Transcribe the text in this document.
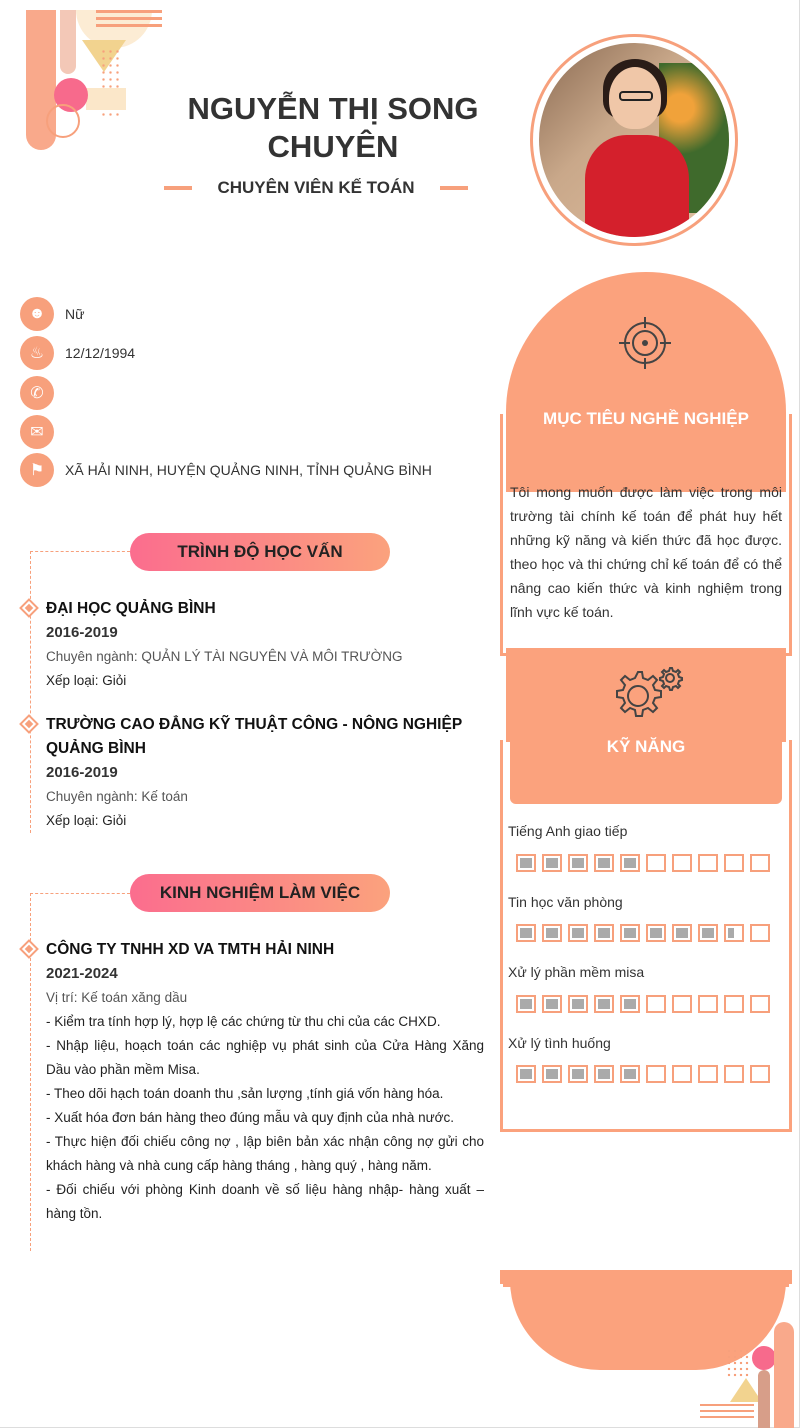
NGUYỄN THỊ SONG CHUYÊN
CHUYÊN VIÊN KẾ TOÁN
☻	Nữ
♨	12/12/1994
✆
✉
⚑	XÃ HẢI NINH, HUYỆN QUẢNG NINH, TỈNH QUẢNG BÌNH
TRÌNH ĐỘ HỌC VẤN
ĐẠI HỌC QUẢNG BÌNH
2016-2019
Chuyên ngành: QUẢN LÝ TÀI NGUYÊN VÀ MÔI TRƯỜNG
Xếp loại: Giỏi
TRƯỜNG CAO ĐẲNG KỸ THUẬT CÔNG - NÔNG NGHIỆP QUẢNG BÌNH
2016-2019
Chuyên ngành: Kế toán
Xếp loại: Giỏi
KINH NGHIỆM LÀM VIỆC
CÔNG TY TNHH XD VA TMTH HẢI NINH
2021-2024
Vị trí: Kế toán xăng dầu
- Kiểm tra tính hợp lý, hợp lệ các chứng từ thu chi của các CHXD.
- Nhập liệu, hoạch toán các nghiệp vụ phát sinh của Cửa Hàng Xăng Dầu vào phần mềm Misa.
- Theo dõi hạch toán doanh thu ,sản lượng ,tính giá vốn hàng hóa.
- Xuất hóa đơn bán hàng theo đúng mẫu và quy định của nhà nước.
- Thực hiện đối chiếu công nợ , lập biên bản xác nhận công nợ gửi cho khách hàng và nhà cung cấp hàng tháng , hàng quý , hàng năm.
- Đối chiếu với phòng Kinh doanh về số liệu hàng nhập- hàng xuất – hàng tồn.
MỤC TIÊU NGHỀ NGHIỆP
Tôi mong muốn được làm việc trong môi trường tài chính kế toán để phát huy hết những kỹ năng và kiến thức đã học được. theo học và thi chứng chỉ kế toán để có thể nâng cao kiến thức và kinh nghiệm trong lĩnh vực kế toán.
KỸ NĂNG
Tiếng Anh giao tiếp
Tin học văn phòng
Xử lý phần mềm misa
Xử lý tình huống
